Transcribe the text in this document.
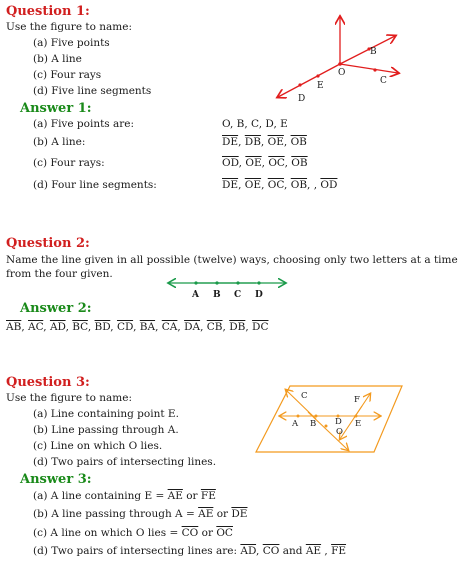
Question 1:
Use the figure to name:
(a) Five points
(b) A line
(c) Four rays
(d) Five line segments
B
O
C
E
D
Answer 1:
(a) Five points are:	O, B, C, D, E
(b) A line:	$\overline{DE}$, $\overline{DB}$, $\overline{OE}$, $\overline{OB}$
(c) Four rays:	$\overline{OD}$, $\overline{OE}$, $\overline{OC}$, $\overline{OB}$
(d) Four line segments:	$\overline{DE}$, $\overline{OE}$, $\overline{OC}$, $\overline{OB}$, , $\overline{OD}$
Question 2:
Name the line given in all possible (twelve) ways, choosing only two letters at a time from the four given.
A B C D
Answer 2:
$\overline{AB}$, $\overline{AC}$, $\overline{AD}$, $\overline{BC}$, $\overline{BD}$, $\overline{CD}$, $\overline{BA}$, $\overline{CA}$, $\overline{DA}$, $\overline{CB}$, $\overline{DB}$, $\overline{DC}$
Question 3:
Use the figure to name:
(a) Line containing point E.
(b) Line passing through A.
(c) Line on which O lies.
(d) Two pairs of intersecting lines.
C	F
A B D E
O
Answer 3:
(a) A line containing $E = \overline{AE}$ or $\overline{FE}$
(b) A line passing through $A = \overline{AE}$ or $\overline{DE}$
(c) A line on which O lies = $\overline{CO}$ or $\overline{OC}$
(d) Two pairs of intersecting lines are: $\overline{AD}$, $\overline{CO}$ and $\overline{AE}$ , $\overline{FE}$
